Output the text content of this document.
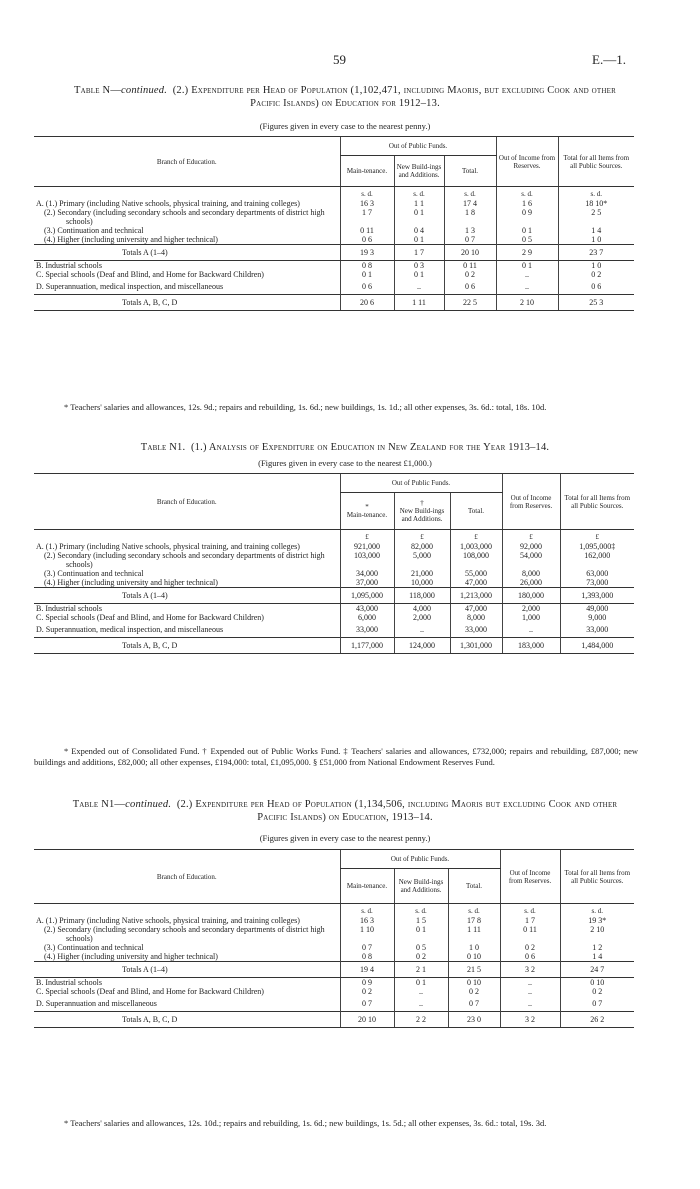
59	E.—1.
Table N—continued. (2.) Expenditure per Head of Population (1,102,471, including Maoris, but excluding Cook and other Pacific Islands) on Education for 1912–13.
(Figures given in every case to the nearest penny.)
Branch of Education.	Out of Public Funds.			Out of Income from Reserves.	Total for all Items from all Public Sources.
	Main-tenance.	New Build-ings and Additions.	Total.		
	s. d.	s. d.	s. d.	s. d.	s. d.

A. (1.) Primary (including Native schools, physical training, and training colleges)	16 3	1 1	17 4	1 6	18 10*

(2.) Secondary (including secondary schools and secondary departments of district high schools)	1 7	0 1	1 8	0 9	2 5

(3.) Continuation and technical	0 11	0 4	1 3	0 1	1 4

(4.) Higher (including university and higher technical)	0 6	0 1	0 7	0 5	1 0
Totals A (1–4)	19 3	1 7	20 10	2 9	23 7

B. Industrial schools	0 8	0 3	0 11	0 1	1 0

C. Special schools (Deaf and Blind, and Home for Backward Children)	0 1	0 1	0 2	..	0 2

D. Superannuation, medical inspection, and miscellaneous	0 6	..	0 6	..	0 6
Totals A, B, C, D	20 6	1 11	22 5	2 10	25 3

* Teachers' salaries and allowances, 12s. 9d.; repairs and rebuilding, 1s. 6d.; new buildings, 1s. 1d.; all other expenses, 3s. 6d.: total, 18s. 10d.

Table N1. (1.) Analysis of Expenditure on Education in New Zealand for the Year 1913–14.
(Figures given in every case to the nearest £1,000.)
Branch of Education.	Out of Public Funds.			Out of Income from Reserves.	Total for all Items from all Public Sources.
	*
Main-tenance.	†
New Build-ings and Additions.	Total.		
	£	£	£	£	£

A. (1.) Primary (including Native schools, physical training, and training colleges)	921,000	82,000	1,003,000	92,000	1,095,000‡

(2.) Secondary (including secondary schools and secondary departments of district high schools)	103,000	5,000	108,000	54,000	162,000

(3.) Continuation and technical	34,000	21,000	55,000	8,000	63,000

(4.) Higher (including university and higher technical)	37,000	10,000	47,000	26,000	73,000
Totals A (1–4)	1,095,000	118,000	1,213,000	180,000	1,393,000

B. Industrial schools	43,000	4,000	47,000	2,000	49,000

C. Special schools (Deaf and Blind, and Home for Backward Children)	6,000	2,000	8,000	1,000	9,000

D. Superannuation, medical inspection, and miscellaneous	33,000	..	33,000	..	33,000
Totals A, B, C, D	1,177,000	124,000	1,301,000	183,000	1,484,000

* Expended out of Consolidated Fund. † Expended out of Public Works Fund. ‡ Teachers' salaries and allowances, £732,000; repairs and rebuilding, £87,000; new buildings and additions, £82,000; all other expenses, £194,000: total, £1,095,000. § £51,000 from National Endowment Reserves Fund.

Table N1—continued. (2.) Expenditure per Head of Population (1,134,506, including Maoris but excluding Cook and other Pacific Islands) on Education, 1913–14.
(Figures given in every case to the nearest penny.)
Branch of Education.	Out of Public Funds.			Out of Income from Reserves.	Total for all Items from all Public Sources.
	Main-tenance.	New Build-ings and Additions.	Total.		
	s. d.	s. d.	s. d.	s. d.	s. d.

A. (1.) Primary (including Native schools, physical training, and training colleges)	16 3	1 5	17 8	1 7	19 3*

(2.) Secondary (including secondary schools and secondary departments of district high schools)	1 10	0 1	1 11	0 11	2 10

(3.) Continuation and technical	0 7	0 5	1 0	0 2	1 2

(4.) Higher (including university and higher technical)	0 8	0 2	0 10	0 6	1 4
Totals A (1–4)	19 4	2 1	21 5	3 2	24 7

B. Industrial schools	0 9	0 1	0 10	..	0 10

C. Special schools (Deaf and Blind, and Home for Backward Children)	0 2	..	0 2	..	0 2

D. Superannuation and miscellaneous	0 7	..	0 7	..	0 7
Totals A, B, C, D	20 10	2 2	23 0	3 2	26 2

* Teachers' salaries and allowances, 12s. 10d.; repairs and rebuilding, 1s. 6d.; new buildings, 1s. 5d.; all other expenses, 3s. 6d.: total, 19s. 3d.
